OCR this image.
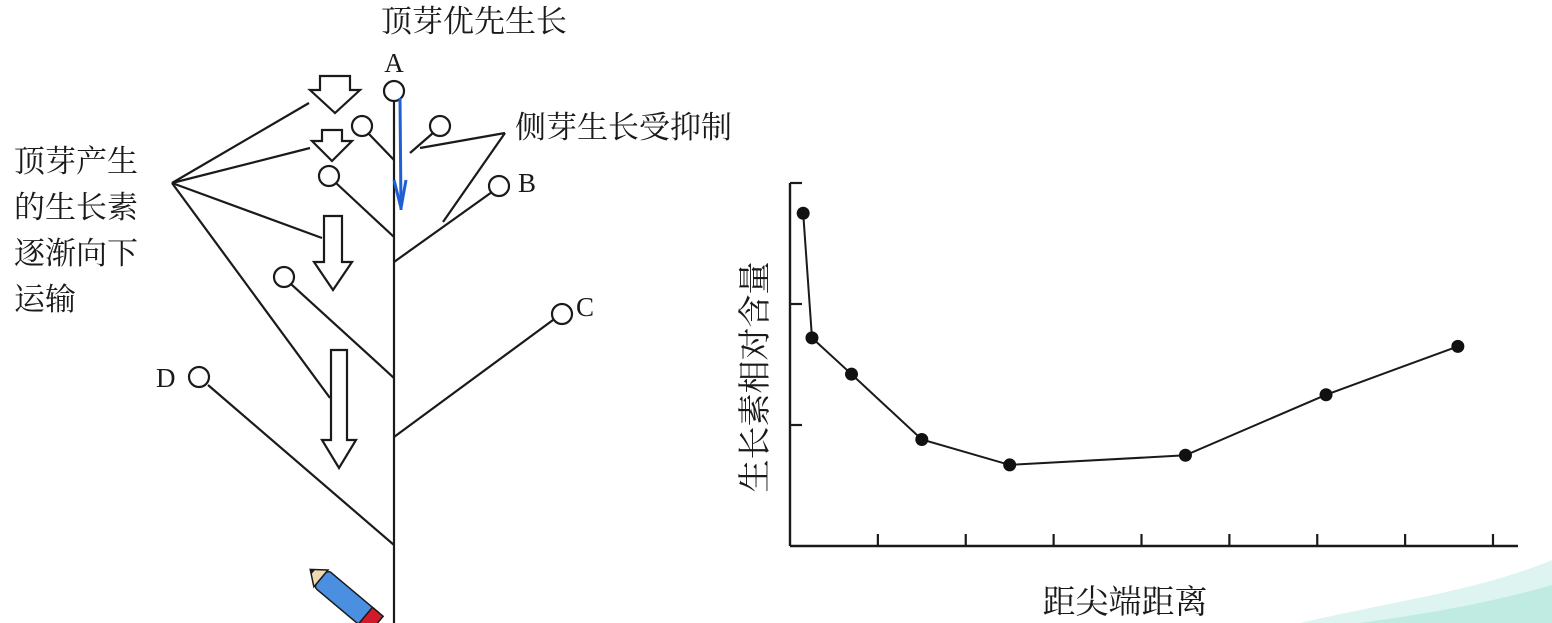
顶芽优先生长
A
B
C
D
侧芽生长受抑制
顶芽产生
的生长素
逐渐向下
运输
距尖端距离
生长素相对含量
